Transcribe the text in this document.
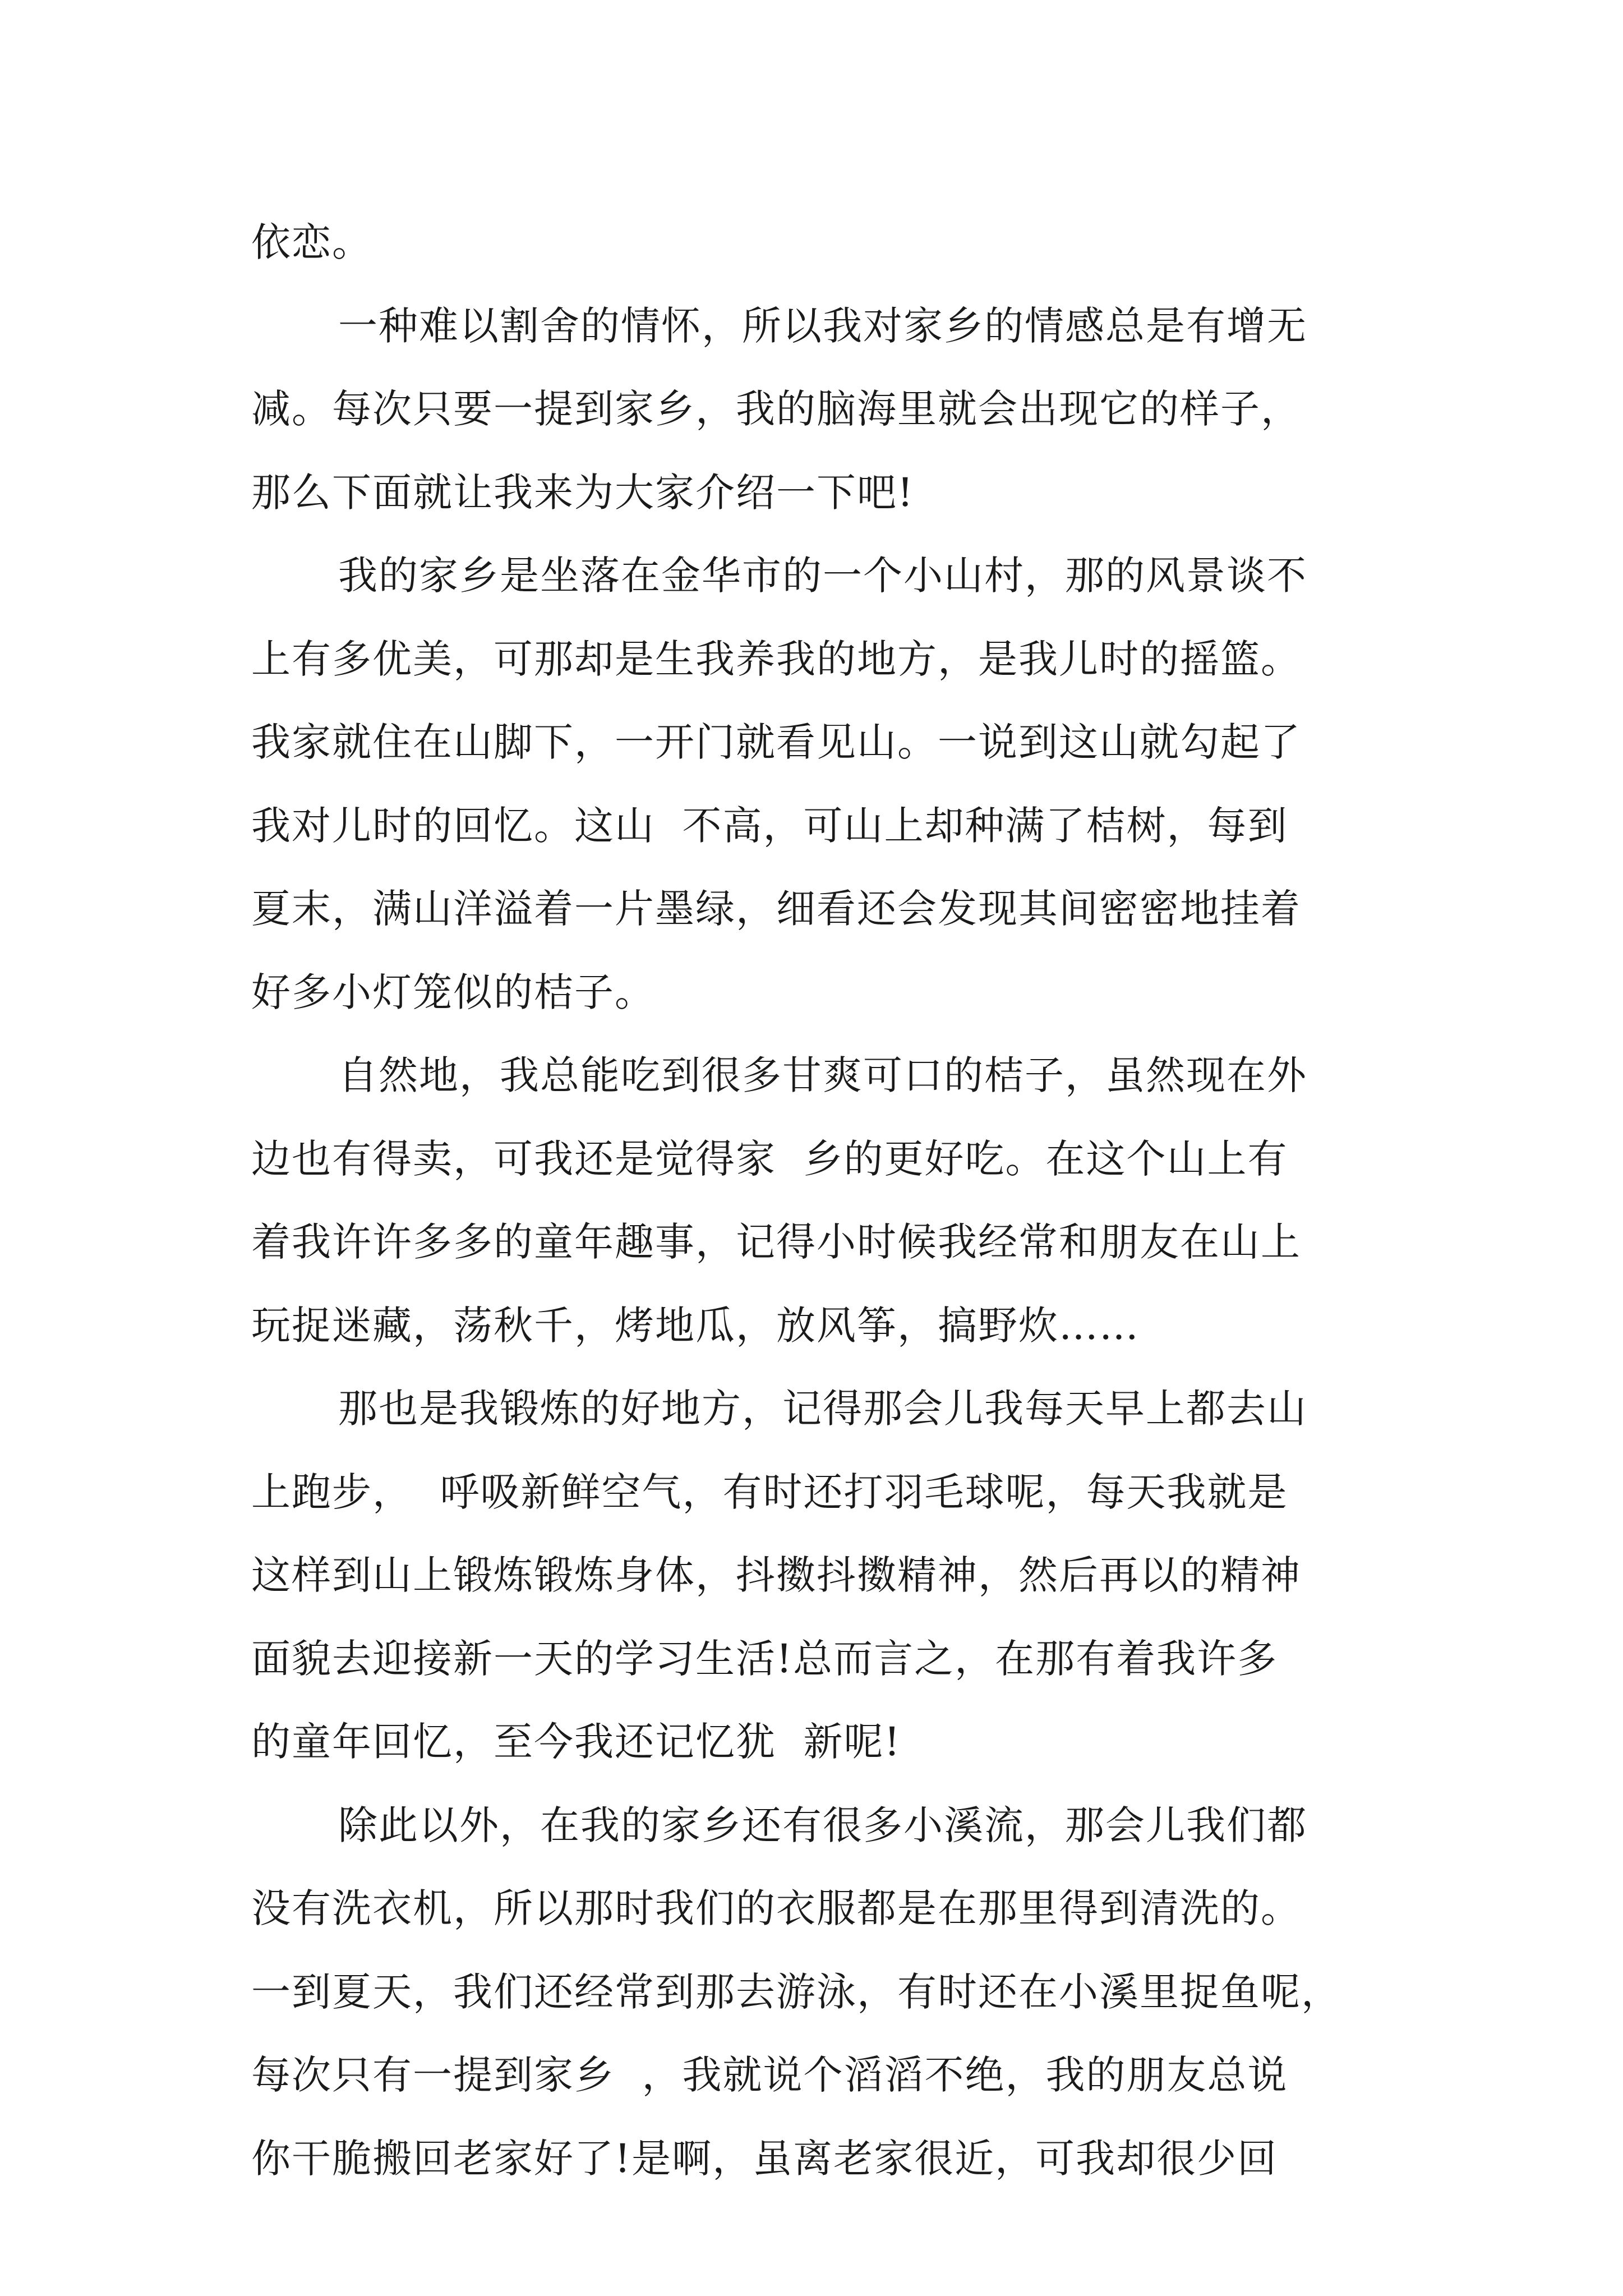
依恋。
一种难以割舍的情怀，所以我对家乡的情感总是有增无
减。每次只要一提到家乡，我的脑海里就会出现它的样子，
那么下面就让我来为大家介绍一下吧!
我的家乡是坐落在金华市的一个小山村，那的风景谈不
上有多优美，可那却是生我养我的地方，是我儿时的摇篮。
我家就住在山脚下，一开门就看见山。一说到这山就勾起了
我对儿时的回忆。这山  不高，可山上却种满了桔树，每到
夏末，满山洋溢着一片墨绿，细看还会发现其间密密地挂着
好多小灯笼似的桔子。
自然地，我总能吃到很多甘爽可口的桔子，虽然现在外
边也有得卖，可我还是觉得家  乡的更好吃。在这个山上有
着我许许多多的童年趣事，记得小时候我经常和朋友在山上
玩捉迷藏，荡秋千，烤地瓜，放风筝，搞野炊……
那也是我锻炼的好地方，记得那会儿我每天早上都去山
上跑步，  呼吸新鲜空气，有时还打羽毛球呢，每天我就是
这样到山上锻炼锻炼身体，抖擞抖擞精神，然后再以的精神
面貌去迎接新一天的学习生活!总而言之，在那有着我许多
的童年回忆，至今我还记忆犹  新呢!
除此以外，在我的家乡还有很多小溪流，那会儿我们都
没有洗衣机，所以那时我们的衣服都是在那里得到清洗的。
一到夏天，我们还经常到那去游泳，有时还在小溪里捉鱼呢，
每次只有一提到家乡  ，我就说个滔滔不绝，我的朋友总说
你干脆搬回老家好了!是啊，虽离老家很近，可我却很少回
